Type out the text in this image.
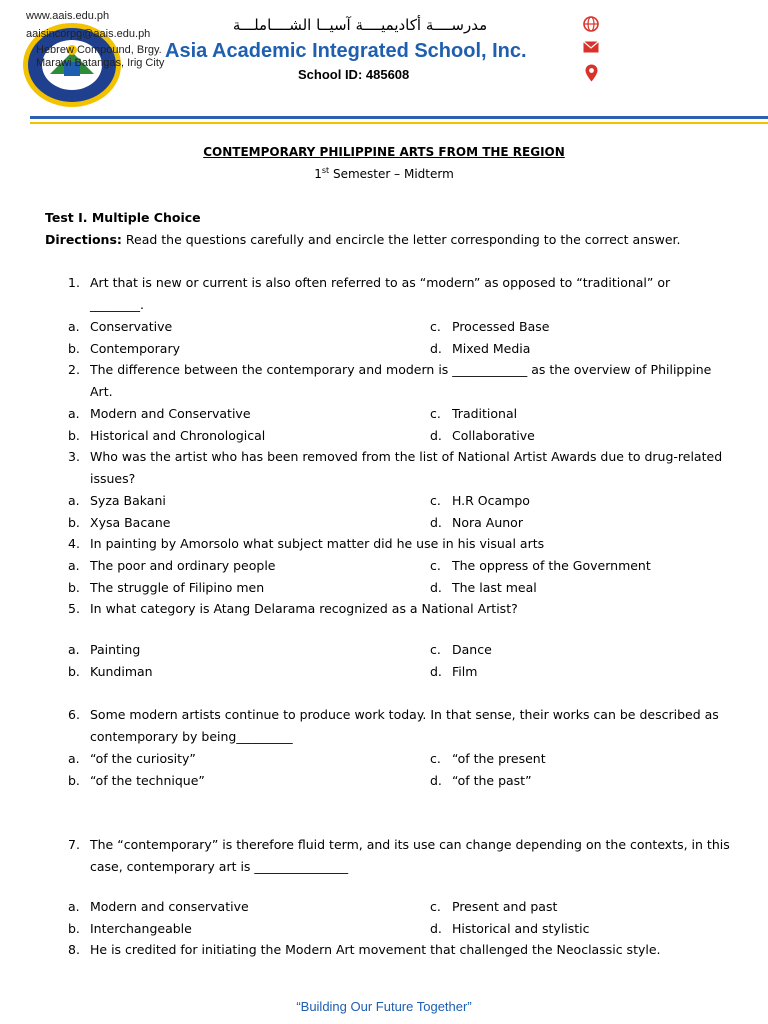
www.aais.edu.ph
aaisincorpg@aais.edu.ph
Hebrew Compound, Brgy.
Marawi Batangas, Irig City
مدرســــة أكاديميــــة آسيــا الشــــاملـــة
Asia Academic Integrated School, Inc.
School ID: 485608
CONTEMPORARY PHILIPPINE ARTS FROM THE REGION
1st Semester – Midterm
Test I. Multiple Choice
Directions: Read the questions carefully and encircle the letter corresponding to the correct answer.
1. Art that is new or current is also often referred to as “modern” as opposed to “traditional” or
________.
a. Conservative	c. Processed Base
b. Contemporary	d. Mixed Media
2. The difference between the contemporary and modern is ____________ as the overview of Philippine
Art.
a. Modern and Conservative	c. Traditional
b. Historical and Chronological	d. Collaborative
3. Who was the artist who has been removed from the list of National Artist Awards due to drug-related
issues?
a. Syza Bakani	c. H.R Ocampo
b. Xysa Bacane	d. Nora Aunor
4. In painting by Amorsolo what subject matter did he use in his visual arts
a. The poor and ordinary people	c. The oppress of the Government
b. The struggle of Filipino men	d. The last meal
5. In what category is Atang Delarama recognized as a National Artist?
a. Painting	c. Dance
b. Kundiman	d. Film
6. Some modern artists continue to produce work today. In that sense, their works can be described as
contemporary by being_________
a. “of the curiosity”	c. “of the present
b. “of the technique”	d. “of the past”
7. The “contemporary” is therefore fluid term, and its use can change depending on the contexts, in this
case, contemporary art is _______________
a. Modern and conservative	c. Present and past
b. Interchangeable	d. Historical and stylistic
8. He is credited for initiating the Modern Art movement that challenged the Neoclassic style.
“Building Our Future Together”
